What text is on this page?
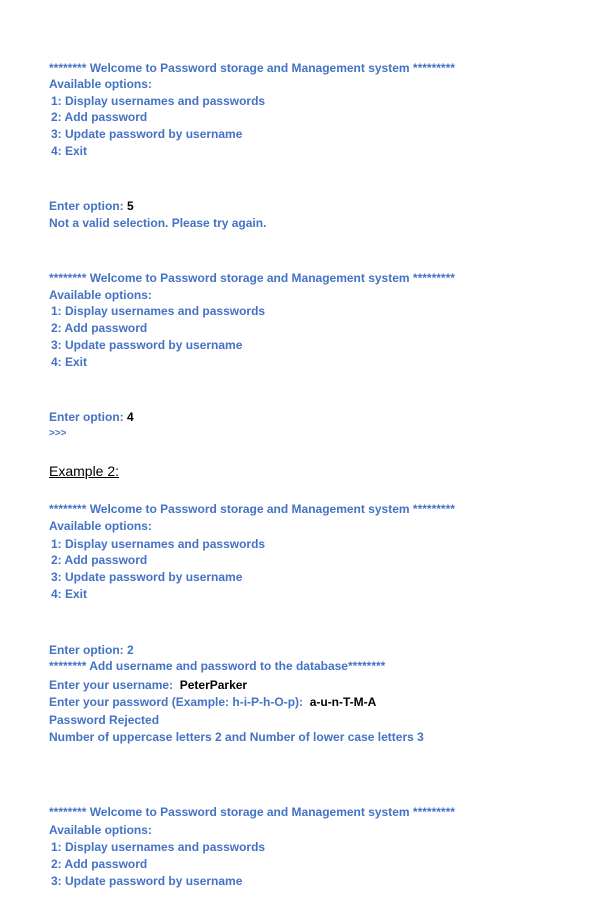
******** Welcome to Password storage and Management system *********
Available options:
1: Display usernames and passwords
2: Add password
3: Update password by username
4: Exit
Enter option: 5
Not a valid selection. Please try again.
******** Welcome to Password storage and Management system *********
Available options:
1: Display usernames and passwords
2: Add password
3: Update password by username
4: Exit
Enter option: 4
>>>
Example 2:
******** Welcome to Password storage and Management system *********
Available options:
1: Display usernames and passwords
2: Add password
3: Update password by username
4: Exit
Enter option: 2
******** Add username and password to the database********
Enter your username:  PeterParker
Enter your password (Example: h-i-P-h-O-p):  a-u-n-T-M-A
Password Rejected
Number of uppercase letters 2 and Number of lower case letters 3
******** Welcome to Password storage and Management system *********
Available options:
1: Display usernames and passwords
2: Add password
3: Update password by username
